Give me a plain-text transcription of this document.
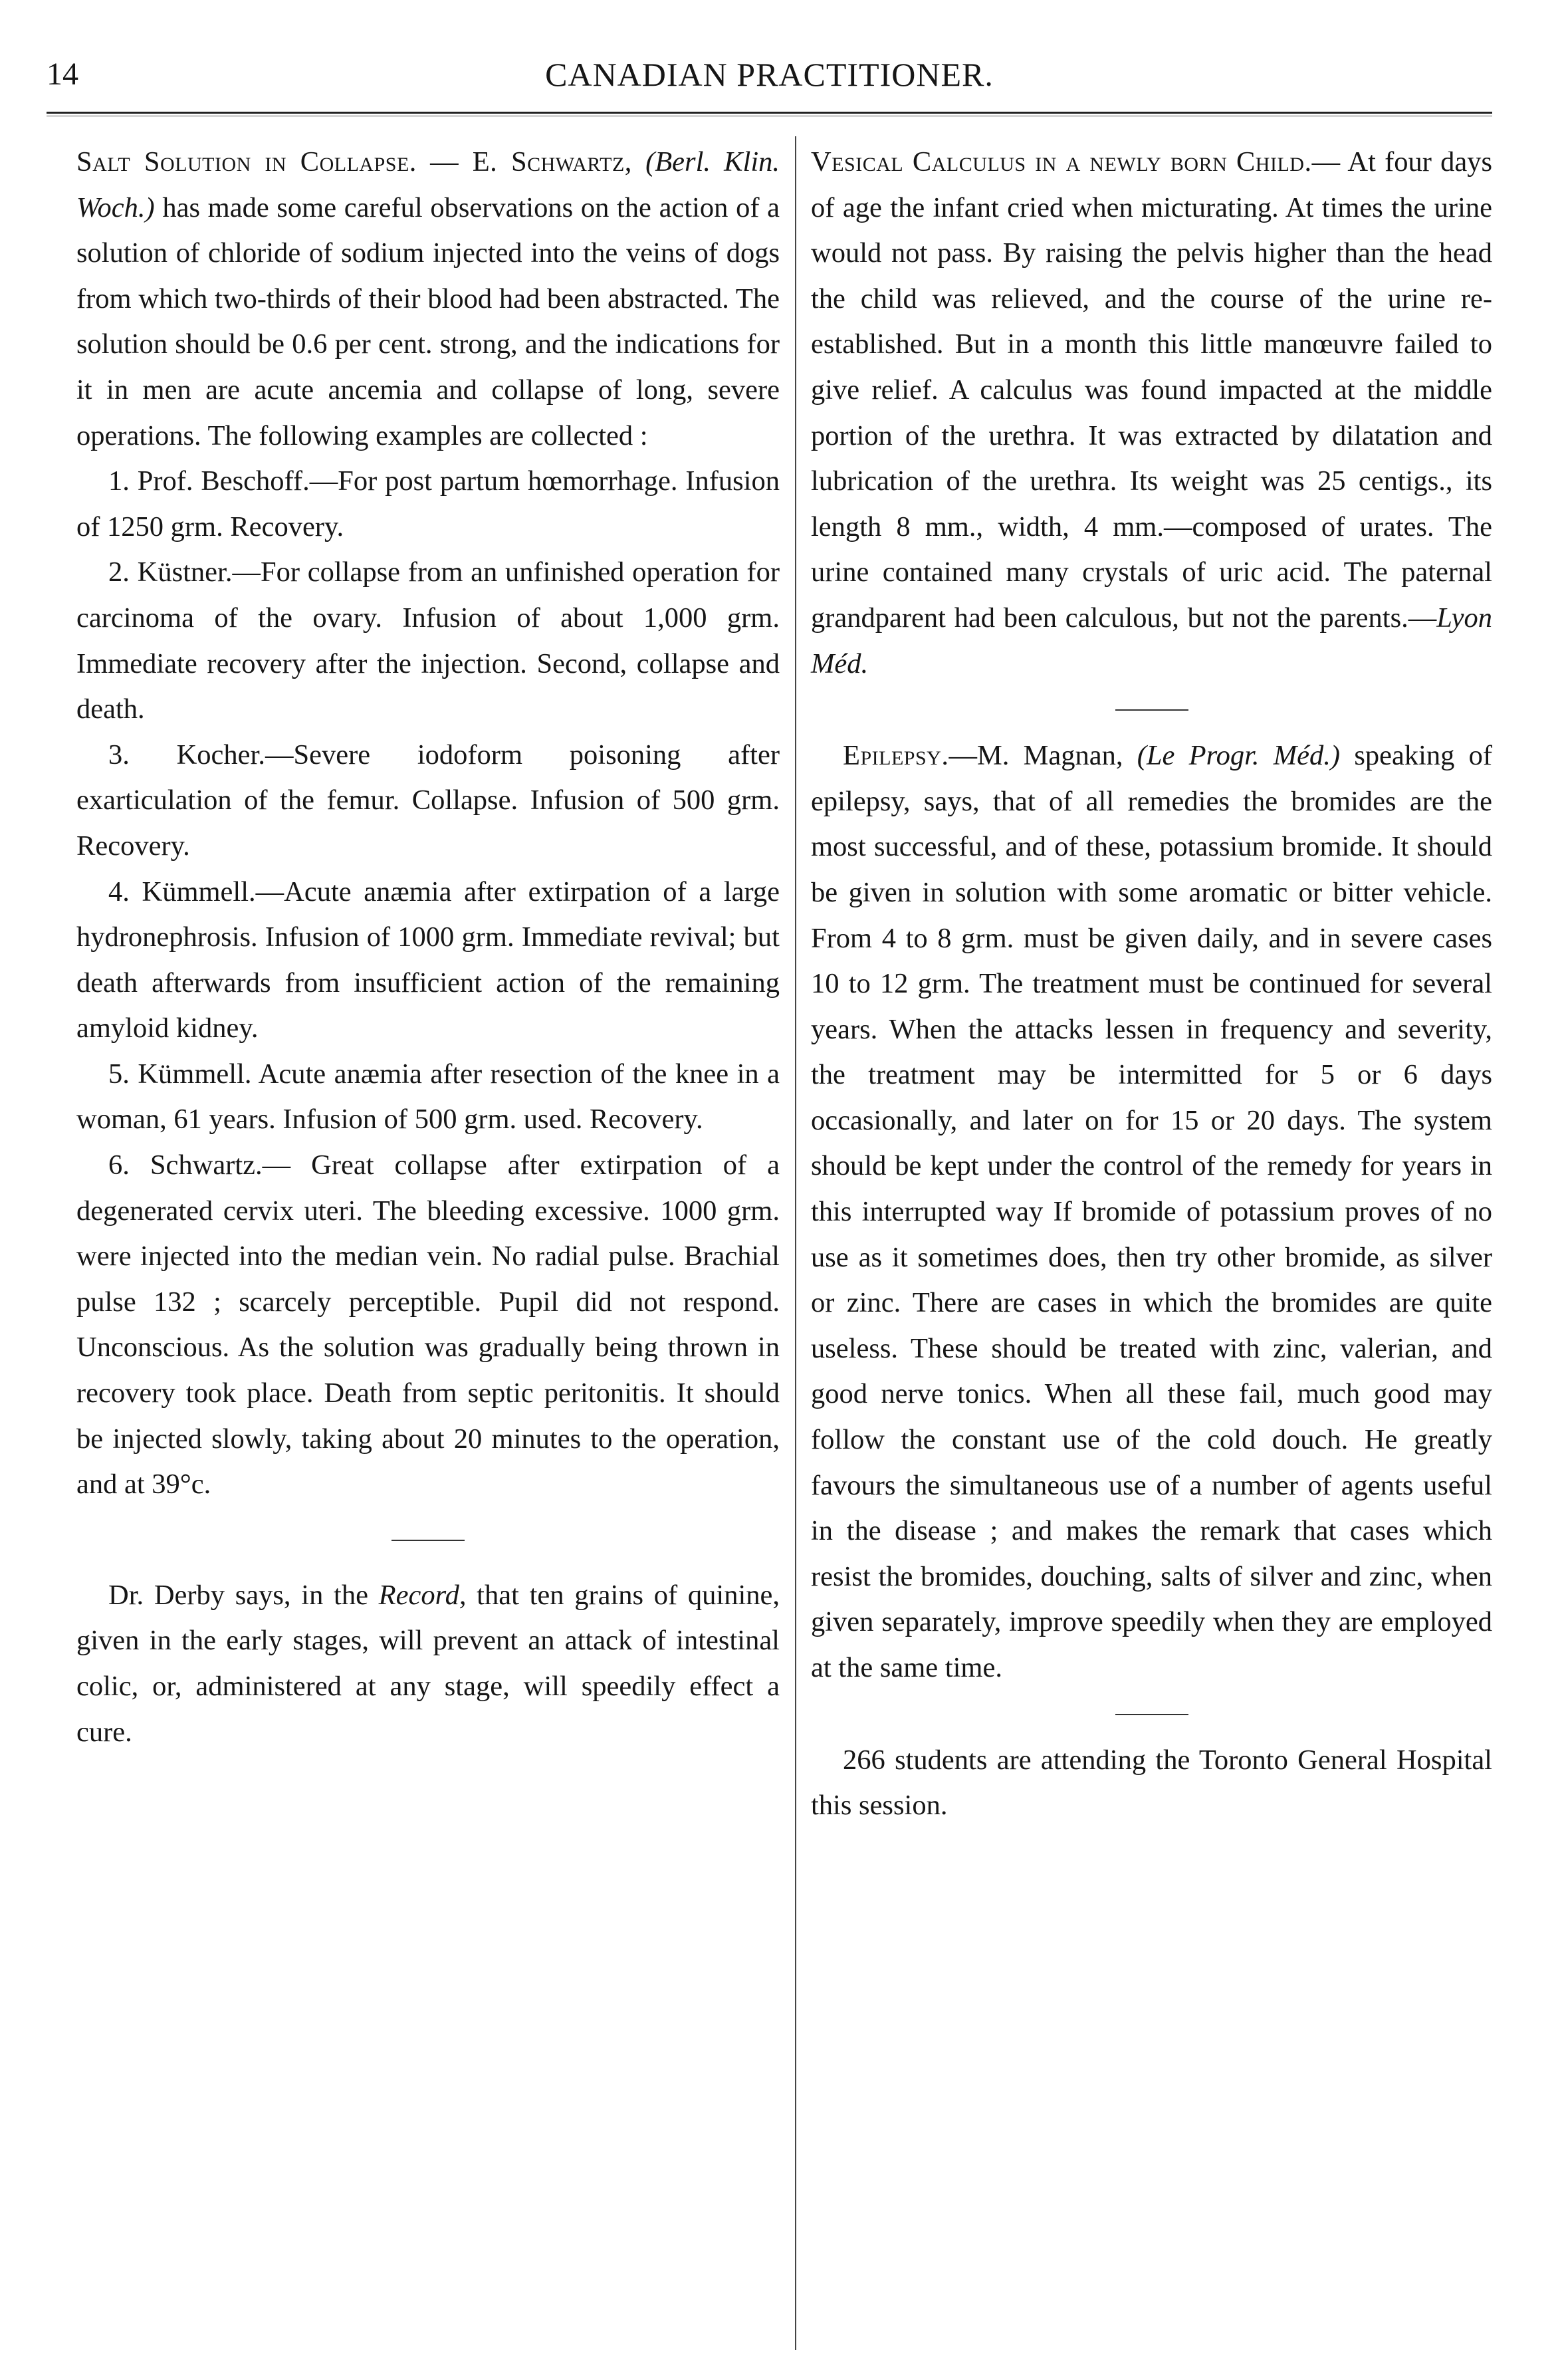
14	CANADIAN PRACTITIONER.

Salt Solution in Collapse. — E. Schwartz, (Berl. Klin. Woch.) has made some careful observations on the action of a solution of chloride of sodium injected into the veins of dogs from which two-thirds of their blood had been abstracted. The solution should be 0.6 per cent. strong, and the indications for it in men are acute ancemia and collapse of long, severe operations. The following examples are collected :

1. Prof. Beschoff.—For post partum hœmorrhage. Infusion of 1250 grm. Recovery.

2. Küstner.—For collapse from an unfinished operation for carcinoma of the ovary. Infusion of about 1,000 grm. Immediate recovery after the injection. Second, collapse and death.

3. Kocher.—Severe iodoform poisoning after exarticulation of the femur. Collapse. Infusion of 500 grm. Recovery.

4. Kümmell.—Acute anæmia after extirpation of a large hydronephrosis. Infusion of 1000 grm. Immediate revival; but death afterwards from insufficient action of the remaining amyloid kidney.

5. Kümmell. Acute anæmia after resection of the knee in a woman, 61 years. Infusion of 500 grm. used. Recovery.

6. Schwartz.— Great collapse after extirpation of a degenerated cervix uteri. The bleeding excessive. 1000 grm. were injected into the median vein. No radial pulse. Brachial pulse 132 ; scarcely perceptible. Pupil did not respond. Unconscious. As the solution was gradually being thrown in recovery took place. Death from septic peritonitis. It should be injected slowly, taking about 20 minutes to the operation, and at 39°c.

Dr. Derby says, in the Record, that ten grains of quinine, given in the early stages, will prevent an attack of intestinal colic, or, administered at any stage, will speedily effect a cure.

Vesical Calculus in a newly born Child.— At four days of age the infant cried when micturating. At times the urine would not pass. By raising the pelvis higher than the head the child was relieved, and the course of the urine re-established. But in a month this little manœuvre failed to give relief. A calculus was found impacted at the middle portion of the urethra. It was extracted by dilatation and lubrication of the urethra. Its weight was 25 centigs., its length 8 mm., width, 4 mm.—composed of urates. The urine contained many crystals of uric acid. The paternal grandparent had been calculous, but not the parents.—Lyon Méd.

Epilepsy.—M. Magnan, (Le Progr. Méd.) speaking of epilepsy, says, that of all remedies the bromides are the most successful, and of these, potassium bromide. It should be given in solution with some aromatic or bitter vehicle. From 4 to 8 grm. must be given daily, and in severe cases 10 to 12 grm. The treatment must be continued for several years. When the attacks lessen in frequency and severity, the treatment may be intermitted for 5 or 6 days occasionally, and later on for 15 or 20 days. The system should be kept under the control of the remedy for years in this interrupted way If bromide of potassium proves of no use as it sometimes does, then try other bromide, as silver or zinc. There are cases in which the bromides are quite useless. These should be treated with zinc, valerian, and good nerve tonics. When all these fail, much good may follow the constant use of the cold douch. He greatly favours the simultaneous use of a number of agents useful in the disease ; and makes the remark that cases which resist the bromides, douching, salts of silver and zinc, when given separately, improve speedily when they are employed at the same time.

266 students are attending the Toronto General Hospital this session.
